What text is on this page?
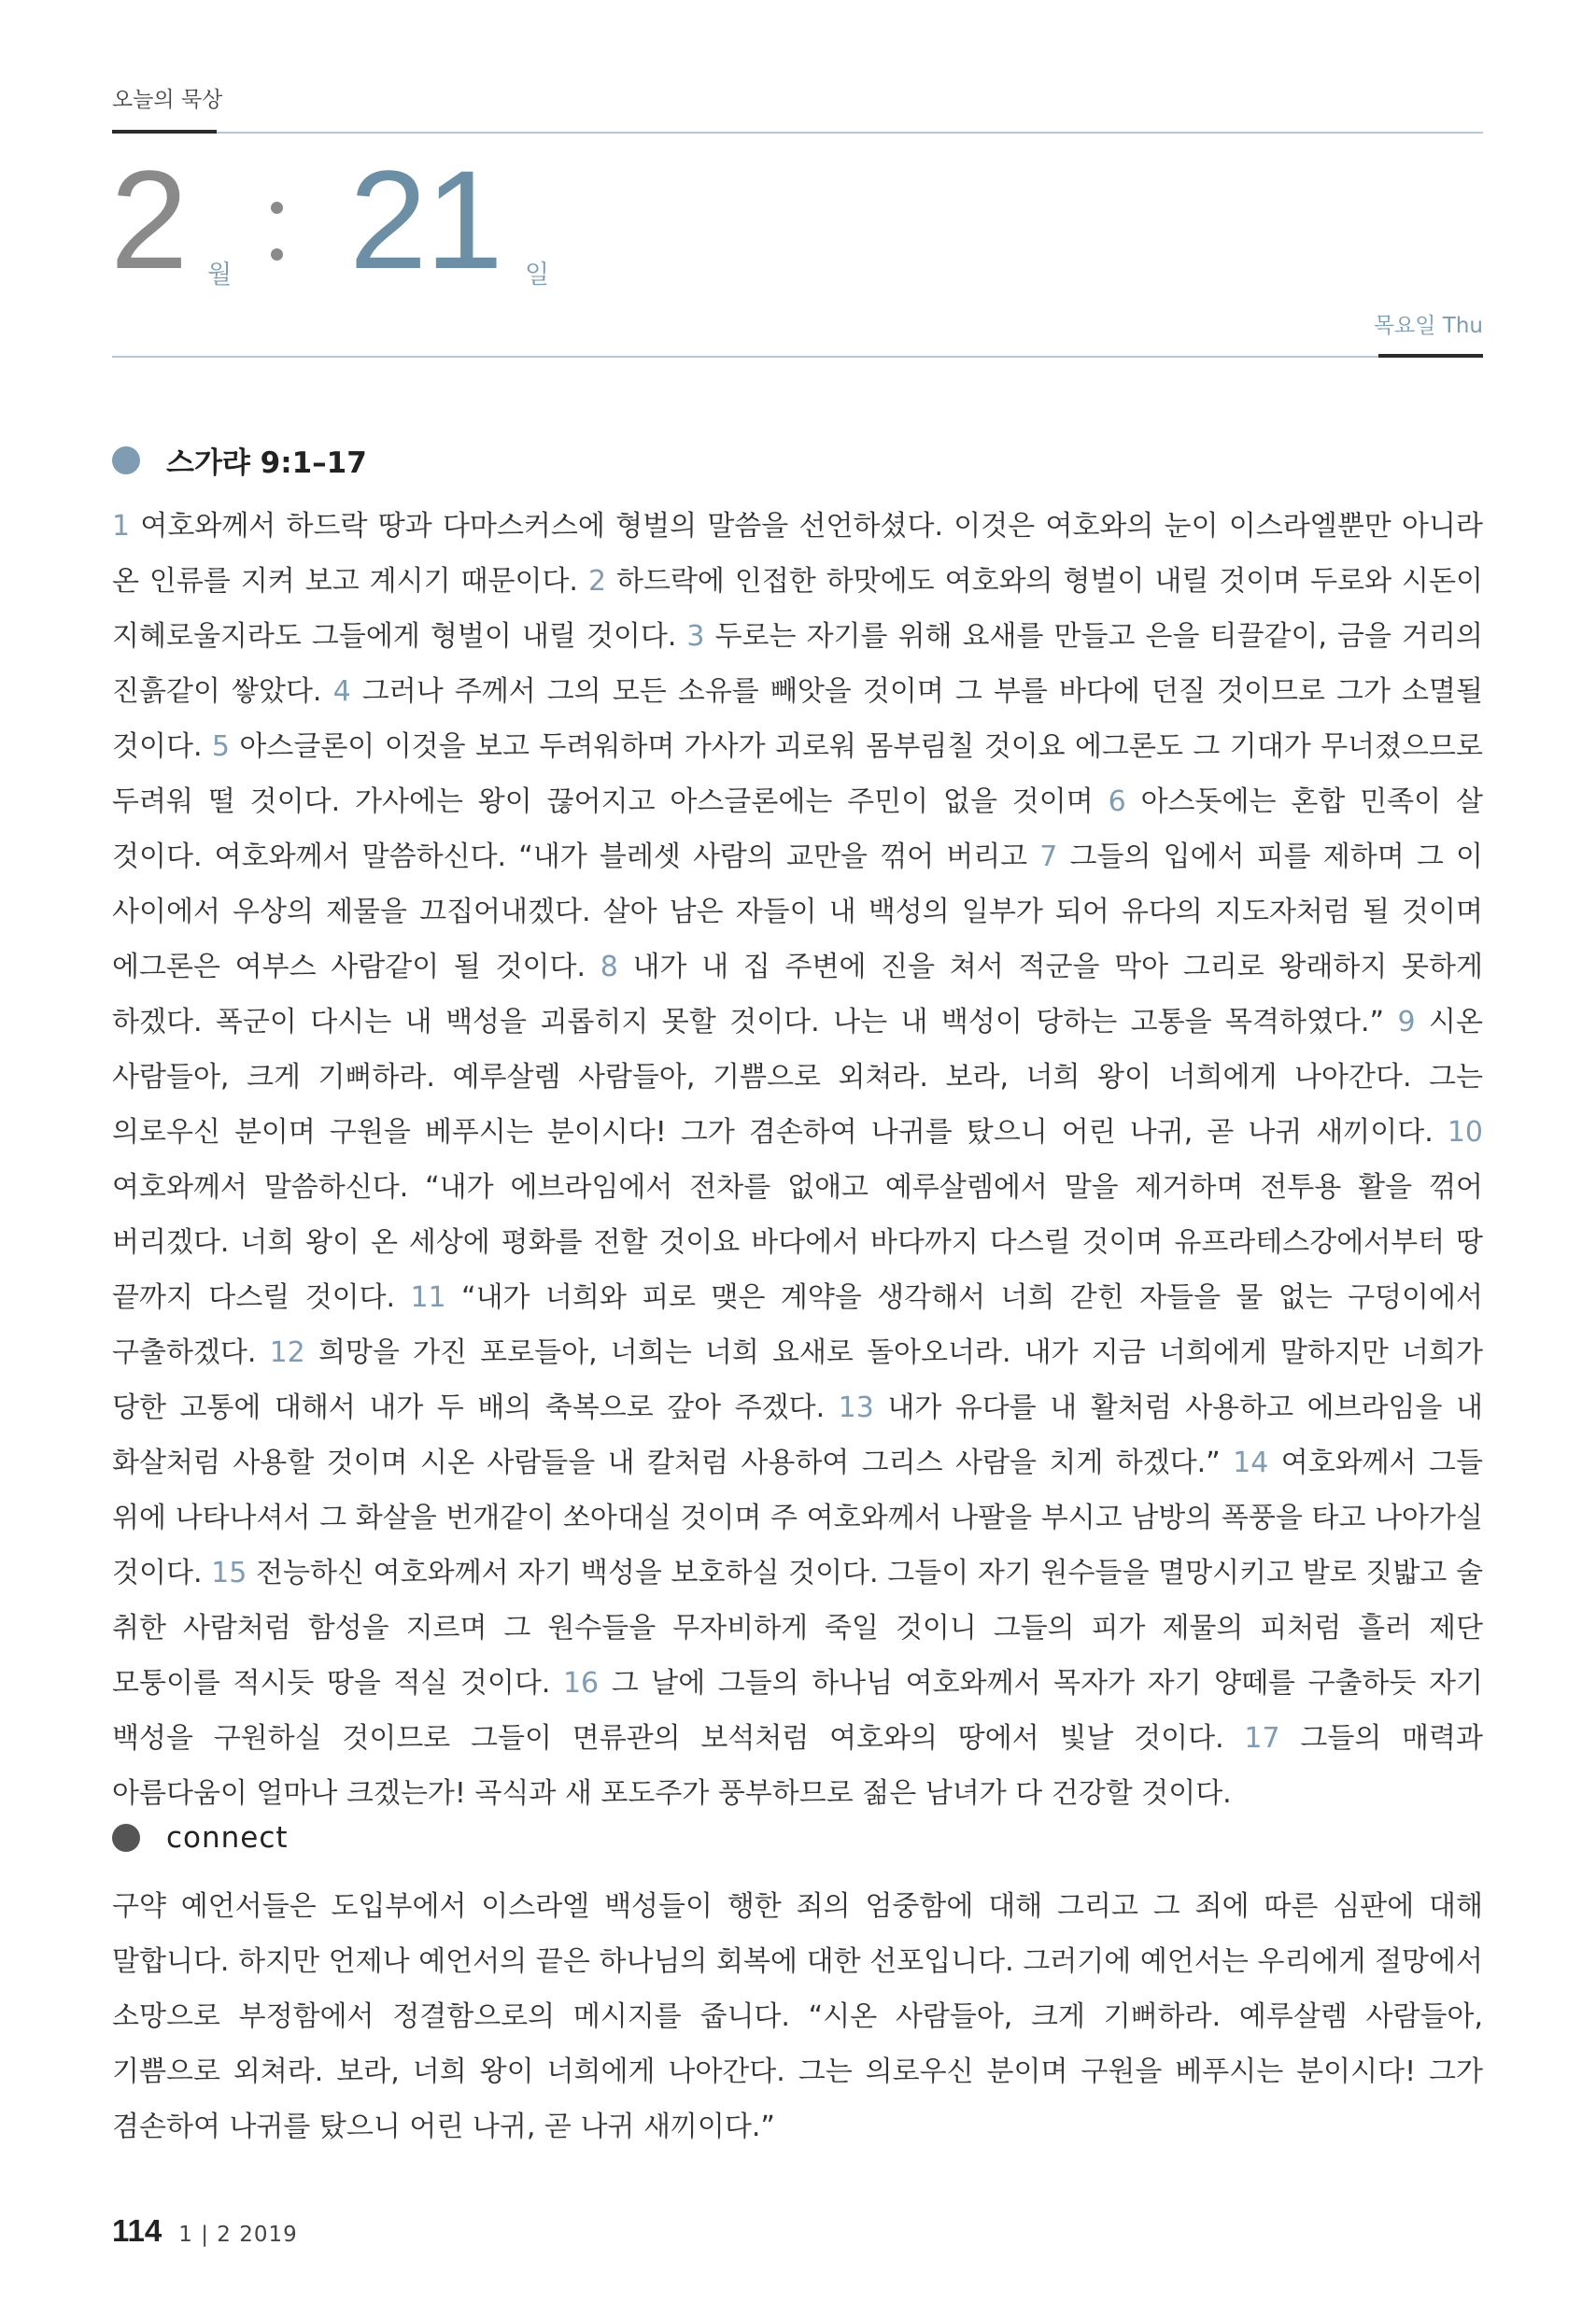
오늘의 묵상
2 월 21 일
목요일 Thu
스가랴 9:1–17
1 여호와께서 하드락 땅과 다마스커스에 형벌의 말씀을 선언하셨다. 이것은 여호와의 눈이 이스라엘뿐만 아니라 온 인류를 지켜 보고 계시기 때문이다. 2 하드락에 인접한 하맛에도 여호와의 형벌이 내릴 것이며 두로와 시돈이 지혜로울지라도 그들에게 형벌이 내릴 것이다. 3 두로는 자기를 위해 요새를 만들고 은을 티끌같이, 금을 거리의 진흙같이 쌓았다. 4 그러나 주께서 그의 모든 소유를 빼앗을 것이며 그 부를 바다에 던질 것이므로 그가 소멸될 것이다. 5 아스글론이 이것을 보고 두려워하며 가사가 괴로워 몸부림칠 것이요 에그론도 그 기대가 무너졌으므로 두려워 떨 것이다. 가사에는 왕이 끊어지고 아스글론에는 주민이 없을 것이며 6 아스돗에는 혼합 민족이 살 것이다. 여호와께서 말씀하신다. “내가 블레셋 사람의 교만을 꺾어 버리고 7 그들의 입에서 피를 제하며 그 이 사이에서 우상의 제물을 끄집어내겠다. 살아 남은 자들이 내 백성의 일부가 되어 유다의 지도자처럼 될 것이며 에그론은 여부스 사람같이 될 것이다. 8 내가 내 집 주변에 진을 쳐서 적군을 막아 그리로 왕래하지 못하게 하겠다. 폭군이 다시는 내 백성을 괴롭히지 못할 것이다. 나는 내 백성이 당하는 고통을 목격하였다.” 9 시온 사람들아, 크게 기뻐하라. 예루살렘 사람들아, 기쁨으로 외쳐라. 보라, 너희 왕이 너희에게 나아간다. 그는 의로우신 분이며 구원을 베푸시는 분이시다! 그가 겸손하여 나귀를 탔으니 어린 나귀, 곧 나귀 새끼이다. 10 여호와께서 말씀하신다. “내가 에브라임에서 전차를 없애고 예루살렘에서 말을 제거하며 전투용 활을 꺾어 버리겠다. 너희 왕이 온 세상에 평화를 전할 것이요 바다에서 바다까지 다스릴 것이며 유프라테스강에서부터 땅 끝까지 다스릴 것이다. 11 “내가 너희와 피로 맺은 계약을 생각해서 너희 갇힌 자들을 물 없는 구덩이에서 구출하겠다. 12 희망을 가진 포로들아, 너희는 너희 요새로 돌아오너라. 내가 지금 너희에게 말하지만 너희가 당한 고통에 대해서 내가 두 배의 축복으로 갚아 주겠다. 13 내가 유다를 내 활처럼 사용하고 에브라임을 내 화살처럼 사용할 것이며 시온 사람들을 내 칼처럼 사용하여 그리스 사람을 치게 하겠다.” 14 여호와께서 그들 위에 나타나셔서 그 화살을 번개같이 쏘아대실 것이며 주 여호와께서 나팔을 부시고 남방의 폭풍을 타고 나아가실 것이다. 15 전능하신 여호와께서 자기 백성을 보호하실 것이다. 그들이 자기 원수들을 멸망시키고 발로 짓밟고 술 취한 사람처럼 함성을 지르며 그 원수들을 무자비하게 죽일 것이니 그들의 피가 제물의 피처럼 흘러 제단 모퉁이를 적시듯 땅을 적실 것이다. 16 그 날에 그들의 하나님 여호와께서 목자가 자기 양떼를 구출하듯 자기 백성을 구원하실 것이므로 그들이 면류관의 보석처럼 여호와의 땅에서 빛날 것이다. 17 그들의 매력과 아름다움이 얼마나 크겠는가! 곡식과 새 포도주가 풍부하므로 젊은 남녀가 다 건강할 것이다.
connect
구약 예언서들은 도입부에서 이스라엘 백성들이 행한 죄의 엄중함에 대해 그리고 그 죄에 따른 심판에 대해 말합니다. 하지만 언제나 예언서의 끝은 하나님의 회복에 대한 선포입니다. 그러기에 예언서는 우리에게 절망에서 소망으로 부정함에서 정결함으로의 메시지를 줍니다. “시온 사람들아, 크게 기뻐하라. 예루살렘 사람들아, 기쁨으로 외쳐라. 보라, 너희 왕이 너희에게 나아간다. 그는 의로우신 분이며 구원을 베푸시는 분이시다! 그가 겸손하여 나귀를 탔으니 어린 나귀, 곧 나귀 새끼이다.”
114 1 | 2 2019
